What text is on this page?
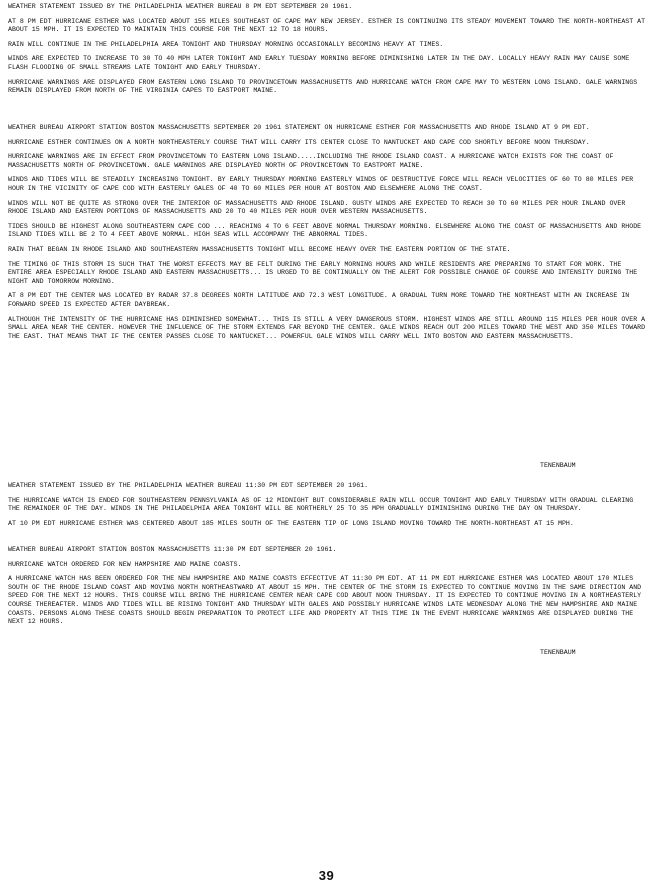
WEATHER STATEMENT ISSUED BY THE PHILADELPHIA WEATHER BUREAU 8 PM EDT SEPTEMBER 20 1961.

AT 8 PM EDT HURRICANE ESTHER WAS LOCATED ABOUT 155 MILES SOUTHEAST OF CAPE MAY NEW JERSEY. ESTHER IS CONTINUING ITS STEADY MOVEMENT TOWARD THE NORTH-NORTHEAST AT ABOUT 15 MPH. IT IS EXPECTED TO MAINTAIN THIS COURSE FOR THE NEXT 12 TO 18 HOURS.

RAIN WILL CONTINUE IN THE PHILADELPHIA AREA TONIGHT AND THURSDAY MORNING OCCASIONALLY BECOMING HEAVY AT TIMES.

WINDS ARE EXPECTED TO INCREASE TO 30 TO 40 MPH LATER TONIGHT AND EARLY TUESDAY MORNING BEFORE DIMINISHING LATER IN THE DAY. LOCALLY HEAVY RAIN MAY CAUSE SOME FLASH FLOODING OF SMALL STREAMS LATE TONIGHT AND EARLY THURSDAY.

HURRICANE WARNINGS ARE DISPLAYED FROM EASTERN LONG ISLAND TO PROVINCETOWN MASSACHUSETTS AND HURRICANE WATCH FROM CAPE MAY TO WESTERN LONG ISLAND. GALE WARNINGS REMAIN DISPLAYED FROM NORTH OF THE VIRGINIA CAPES TO EASTPORT MAINE.

WEATHER BUREAU AIRPORT STATION BOSTON MASSACHUSETTS SEPTEMBER 20 1961 STATEMENT ON HURRICANE ESTHER FOR MASSACHUSETTS AND RHODE ISLAND AT 9 PM EDT.

HURRICANE ESTHER CONTINUES ON A NORTH NORTHEASTERLY COURSE THAT WILL CARRY ITS CENTER CLOSE TO NANTUCKET AND CAPE COD SHORTLY BEFORE NOON THURSDAY.

HURRICANE WARNINGS ARE IN EFFECT FROM PROVINCETOWN TO EASTERN LONG ISLAND.....INCLUDING THE RHODE ISLAND COAST. A HURRICANE WATCH EXISTS FOR THE COAST OF MASSACHUSETTS NORTH OF PROVINCETOWN. GALE WARNINGS ARE DISPLAYED NORTH OF PROVINCETOWN TO EASTPORT MAINE.

WINDS AND TIDES WILL BE STEADILY INCREASING TONIGHT. BY EARLY THURSDAY MORNING EASTERLY WINDS OF DESTRUCTIVE FORCE WILL REACH VELOCITIES OF 60 TO 80 MILES PER HOUR IN THE VICINITY OF CAPE COD WITH EASTERLY GALES OF 40 TO 60 MILES PER HOUR AT BOSTON AND ELSEWHERE ALONG THE COAST.

WINDS WILL NOT BE QUITE AS STRONG OVER THE INTERIOR OF MASSACHUSETTS AND RHODE ISLAND. GUSTY WINDS ARE EXPECTED TO REACH 30 TO 60 MILES PER HOUR INLAND OVER RHODE ISLAND AND EASTERN PORTIONS OF MASSACHUSETTS AND 20 TO 40 MILES PER HOUR OVER WESTERN MASSACHUSETTS.

TIDES SHOULD BE HIGHEST ALONG SOUTHEASTERN CAPE COD ... REACHING 4 TO 6 FEET ABOVE NORMAL THURSDAY MORNING. ELSEWHERE ALONG THE COAST OF MASSACHUSETTS AND RHODE ISLAND TIDES WILL BE 2 TO 4 FEET ABOVE NORMAL. HIGH SEAS WILL ACCOMPANY THE ABNORMAL TIDES.

RAIN THAT BEGAN IN RHODE ISLAND AND SOUTHEASTERN MASSACHUSETTS TONIGHT WILL BECOME HEAVY OVER THE EASTERN PORTION OF THE STATE.

THE TIMING OF THIS STORM IS SUCH THAT THE WORST EFFECTS MAY BE FELT DURING THE EARLY MORNING HOURS AND WHILE RESIDENTS ARE PREPARING TO START FOR WORK. THE ENTIRE AREA ESPECIALLY RHODE ISLAND AND EASTERN MASSACHUSETTS... IS URGED TO BE CONTINUALLY ON THE ALERT FOR POSSIBLE CHANGE OF COURSE AND INTENSITY DURING THE NIGHT AND TOMORROW MORNING.

AT 8 PM EDT THE CENTER WAS LOCATED BY RADAR 37.8 DEGREES NORTH LATITUDE AND 72.3 WEST LONGITUDE. A GRADUAL TURN MORE TOWARD THE NORTHEAST WITH AN INCREASE IN FORWARD SPEED IS EXPECTED AFTER DAYBREAK.

ALTHOUGH THE INTENSITY OF THE HURRICANE HAS DIMINISHED SOMEWHAT... THIS IS STILL A VERY DANGEROUS STORM. HIGHEST WINDS ARE STILL AROUND 115 MILES PER HOUR OVER A SMALL AREA NEAR THE CENTER. HOWEVER THE INFLUENCE OF THE STORM EXTENDS FAR BEYOND THE CENTER. GALE WINDS REACH OUT 200 MILES TOWARD THE WEST AND 350 MILES TOWARD THE EAST. THAT MEANS THAT IF THE CENTER PASSES CLOSE TO NANTUCKET... POWERFUL GALE WINDS WILL CARRY WELL INTO BOSTON AND EASTERN MASSACHUSETTS.

TENENBAUM

WEATHER STATEMENT ISSUED BY THE PHILADELPHIA WEATHER BUREAU 11:30 PM EDT SEPTEMBER 20 1961.

THE HURRICANE WATCH IS ENDED FOR SOUTHEASTERN PENNSYLVANIA AS OF 12 MIDNIGHT BUT CONSIDERABLE RAIN WILL OCCUR TONIGHT AND EARLY THURSDAY WITH GRADUAL CLEARING THE REMAINDER OF THE DAY. WINDS IN THE PHILADELPHIA AREA TONIGHT WILL BE NORTHERLY 25 TO 35 MPH GRADUALLY DIMINISHING DURING THE DAY ON THURSDAY.

AT 10 PM EDT HURRICANE ESTHER WAS CENTERED ABOUT 185 MILES SOUTH OF THE EASTERN TIP OF LONG ISLAND MOVING TOWARD THE NORTH-NORTHEAST AT 15 MPH.

WEATHER BUREAU AIRPORT STATION BOSTON MASSACHUSETTS 11:30 PM EDT SEPTEMBER 20 1961.

HURRICANE WATCH ORDERED FOR NEW HAMPSHIRE AND MAINE COASTS.

A HURRICANE WATCH HAS BEEN ORDERED FOR THE NEW HAMPSHIRE AND MAINE COASTS EFFECTIVE AT 11:30 PM EDT. AT 11 PM EDT HURRICANE ESTHER WAS LOCATED ABOUT 170 MILES SOUTH OF THE RHODE ISLAND COAST AND MOVING NORTH NORTHEASTWARD AT ABOUT 15 MPH. THE CENTER OF THE STORM IS EXPECTED TO CONTINUE MOVING IN THE SAME DIRECTION AND SPEED FOR THE NEXT 12 HOURS. THIS COURSE WILL BRING THE HURRICANE CENTER NEAR CAPE COD ABOUT NOON THURSDAY. IT IS EXPECTED TO CONTINUE MOVING IN A NORTHEASTERLY COURSE THEREAFTER. WINDS AND TIDES WILL BE RISING TONIGHT AND THURSDAY WITH GALES AND POSSIBLY HURRICANE WINDS LATE WEDNESDAY ALONG THE NEW HAMPSHIRE AND MAINE COASTS. PERSONS ALONG THESE COASTS SHOULD BEGIN PREPARATION TO PROTECT LIFE AND PROPERTY AT THIS TIME IN THE EVENT HURRICANE WARNINGS ARE DISPLAYED DURING THE NEXT 12 HOURS.

TENENBAUM
39
